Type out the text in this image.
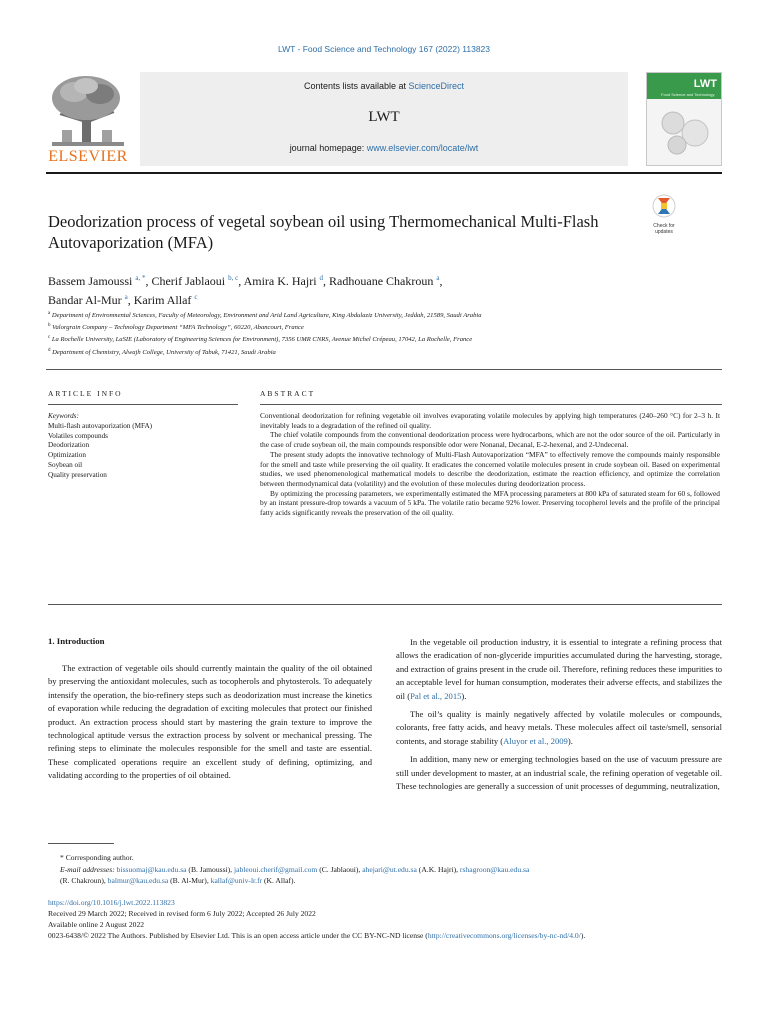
LWT - Food Science and Technology 167 (2022) 113823
ELSEVIER
Contents lists available at ScienceDirect
LWT
journal homepage: www.elsevier.com/locate/lwt
LWT
Food Science and Technology
Deodorization process of vegetal soybean oil using Thermomechanical Multi-Flash Autovaporization (MFA)
Check for updates
Bassem Jamoussi $^{a, *}$, Cherif Jablaoui $^{b, c}$, Amira K. Hajri $^d$, Radhouane Chakroun $^a$,
Bandar Al-Mur $^a$, Karim Allaf $^c$
$^a$ Department of Environmental Sciences, Faculty of Meteorology, Environment and Arid Land Agriculture, King Abdulaziz University, Jeddah, 21589, Saudi Arabia
$^b$ Valorgrain Company – Technology Department “MFA Technology”, 60220, Abancourt, France
$^c$ La Rochelle University, LaSIE (Laboratory of Engineering Sciences for Environment), 7356 UMR CNRS, Avenue Michel Crépeau, 17042, La Rochelle, France
$^d$ Department of Chemistry, Alwajh College, University of Tabuk, 71421, Saudi Arabia
ARTICLE INFO	ABSTRACT
Keywords:
Multi-flash autovaporization (MFA)
Volatiles compounds
Deodorization
Optimization
Soybean oil
Quality preservation

Conventional deodorization for refining vegetable oil involves evaporating volatile molecules by applying high temperatures (240–260 °C) for 2–3 h. It inevitably leads to a degradation of the refined oil quality.

The chief volatile compounds from the conventional deodorization process were hydrocarbons, which are not the odor source of the oil. Particularly in the case of crude soybean oil, the main compounds responsible odor were Nonanal, Decanal, E-2-hexenal, and 2-Undecenal.

The present study adopts the innovative technology of Multi-Flash Autovaporization “MFA” to effectively remove the compounds mainly responsible for the smell and taste while preserving the oil quality. It eradicates the concerned volatile molecules present in crude soybean oil. Based on experimental studies, we used phenomenological mathematical models to describe the deodorization, estimate the reaction efficiency, and optimize the correlation between thermodynamical data (volatility) and the evolution of these molecules during deodorization process.

By optimizing the processing parameters, we experimentally estimated the MFA processing parameters at 800 kPa of saturated steam for 60 s, followed by an instant pressure-drop towards a vacuum of 5 kPa. The volatile ratio became 92% lower. Preserving tocopherol levels and the profile of the principal fatty acids significantly reveals the preservation of the oil quality.

1. Introduction

The extraction of vegetable oils should currently maintain the quality of the oil obtained by preserving the antioxidant molecules, such as tocopherols and phytosterols. To adequately intensify the operation, the bio-refinery steps such as deodorization must increase the kinetics of evaporation while reducing the degradation of exciting molecules that protect our finished product. An extraction process should start by mastering the grain texture to improve the technological aptitude versus the extraction process by solvent or mechanical pressing. The refining steps to eliminate the molecules responsible for the smell and taste are essential. These complicated operations require an excellent study of defining, optimizing, and validating according to the properties of oil obtained.

In the vegetable oil production industry, it is essential to integrate a refining process that allows the eradication of non-glyceride impurities accumulated during the harvesting, storage, and extraction of grains present in the crude oil. Therefore, refining reduces these impurities to an acceptable level for human consumption, moderates their adverse effects, and stabilizes the oil (Pal et al., 2015).

The oil’s quality is mainly negatively affected by volatile molecules or compounds, colorants, free fatty acids, and heavy metals. These molecules affect oil taste/smell, sensorial contents, and storage stability (Aluyor et al., 2009).

In addition, many new or emerging technologies based on the use of vacuum pressure are still under development to master, at an industrial scale, the refining operation of vegetable oil. These technologies are generally a succession of unit processes of degumming, neutralization,

* Corresponding author.
E-mail addresses: bissuomaj@kau.edu.sa (B. Jamoussi), jableoui.cherif@gmail.com (C. Jablaoui), ahejari@ut.edu.sa (A.K. Hajri), rshagroon@kau.edu.sa
(R. Chakroun), balmur@kau.edu.sa (B. Al-Mur), kallaf@univ-lr.fr (K. Allaf).
https://doi.org/10.1016/j.lwt.2022.113823
Received 29 March 2022; Received in revised form 6 July 2022; Accepted 26 July 2022
Available online 2 August 2022
0023-6438/© 2022 The Authors. Published by Elsevier Ltd. This is an open access article under the CC BY-NC-ND license (http://creativecommons.org/licenses/by-nc-nd/4.0/).
